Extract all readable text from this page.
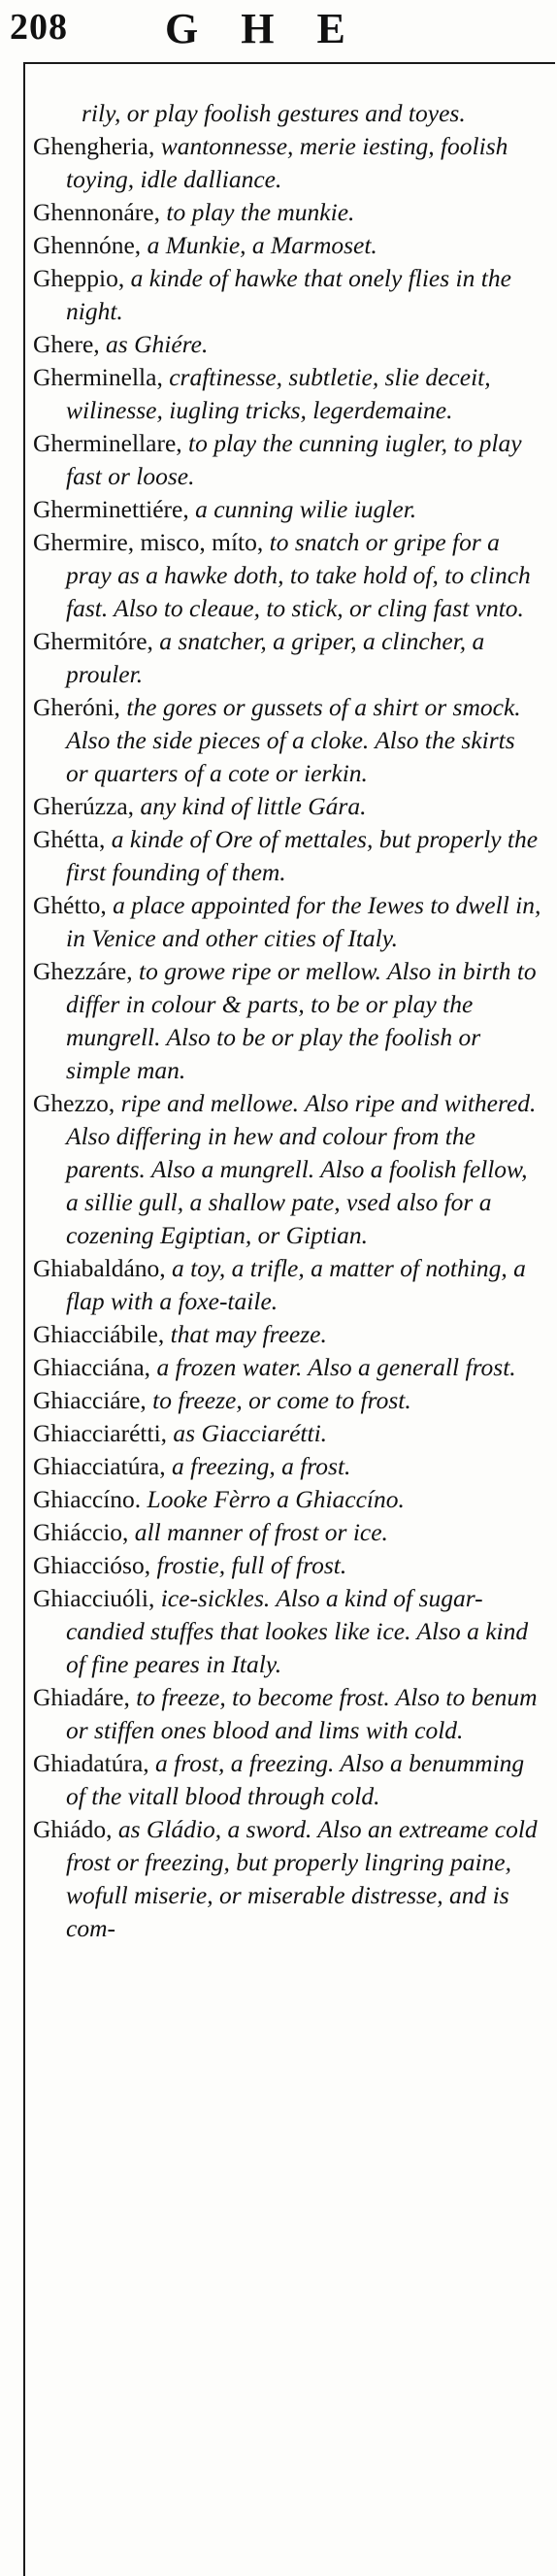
208 GHE

rily, or play foolish gestures and toyes.

Ghengheria, wantonnesse, merie iesting, foolish toying, idle dalliance.

Ghennonáre, to play the munkie.

Ghennóne, a Munkie, a Marmoset.

Gheppio, a kinde of hawke that onely flies in the night.

Ghere, as Ghiére.

Gherminella, craftinesse, subtletie, slie deceit, wilinesse, iugling tricks, legerdemaine.

Gherminellare, to play the cunning iugler, to play fast or loose.

Gherminettiére, a cunning wilie iugler.

Ghermire, misco, míto, to snatch or gripe for a pray as a hawke doth, to take hold of, to clinch fast. Also to cleaue, to stick, or cling fast vnto.

Ghermitóre, a snatcher, a griper, a clincher, a prouler.

Gheróni, the gores or gussets of a shirt or smock. Also the side pieces of a cloke. Also the skirts or quarters of a cote or ierkin.

Gherúzza, any kind of little Gára.

Ghétta, a kinde of Ore of mettales, but properly the first founding of them.

Ghétto, a place appointed for the Iewes to dwell in, in Venice and other cities of Italy.

Ghezzáre, to growe ripe or mellow. Also in birth to differ in colour & parts, to be or play the mungrell. Also to be or play the foolish or simple man.

Ghezzo, ripe and mellowe. Also ripe and withered. Also differing in hew and colour from the parents. Also a mungrell. Also a foolish fellow, a sillie gull, a shallow pate, vsed also for a cozening Egiptian, or Giptian.

Ghiabaldáno, a toy, a trifle, a matter of nothing, a flap with a foxe-taile.

Ghiacciábile, that may freeze.

Ghiacciána, a frozen water. Also a generall frost.

Ghiacciáre, to freeze, or come to frost.

Ghiacciarétti, as Giacciarétti.

Ghiacciatúra, a freezing, a frost.

Ghiaccíno. Looke Fèrro a Ghiaccíno.

Ghiáccio, all manner of frost or ice.

Ghiaccióso, frostie, full of frost.

Ghiacciuóli, ice-sickles. Also a kind of sugar-candied stuffes that lookes like ice. Also a kind of fine peares in Italy.

Ghiadáre, to freeze, to become frost. Also to benum or stiffen ones blood and lims with cold.

Ghiadatúra, a frost, a freezing. Also a benumming of the vitall blood through cold.

Ghiádo, as Gládio, a sword. Also an extreame cold frost or freezing, but properly lingring paine, wofull miserie, or miserable distresse, and is com-
